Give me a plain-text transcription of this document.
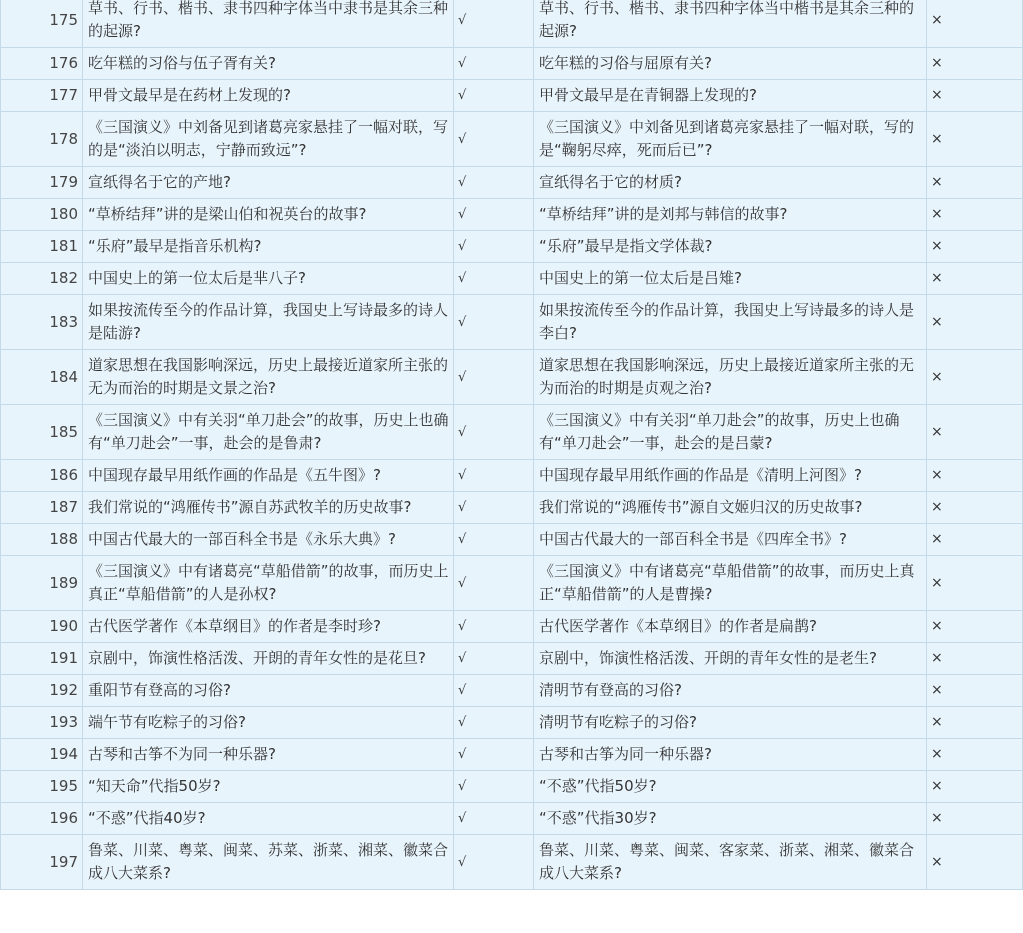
175	草书、行书、楷书、隶书四种字体当中隶书是其余三种的起源?	√	草书、行书、楷书、隶书四种字体当中楷书是其余三种的起源?	×
176	吃年糕的习俗与伍子胥有关?	√	吃年糕的习俗与屈原有关?	×
177	甲骨文最早是在药材上发现的?	√	甲骨文最早是在青铜器上发现的?	×
178	《三国演义》中刘备见到诸葛亮家悬挂了一幅对联，写的是“淡泊以明志，宁静而致远”?	√	《三国演义》中刘备见到诸葛亮家悬挂了一幅对联，写的是“鞠躬尽瘁，死而后已”?	×
179	宣纸得名于它的产地?	√	宣纸得名于它的材质?	×
180	“草桥结拜”讲的是梁山伯和祝英台的故事?	√	“草桥结拜”讲的是刘邦与韩信的故事?	×
181	“乐府”最早是指音乐机构?	√	“乐府”最早是指文学体裁?	×
182	中国史上的第一位太后是芈八子?	√	中国史上的第一位太后是吕雉?	×
183	如果按流传至今的作品计算，我国史上写诗最多的诗人是陆游?	√	如果按流传至今的作品计算，我国史上写诗最多的诗人是李白?	×
184	道家思想在我国影响深远，历史上最接近道家所主张的无为而治的时期是文景之治?	√	道家思想在我国影响深远，历史上最接近道家所主张的无为而治的时期是贞观之治?	×
185	《三国演义》中有关羽“单刀赴会”的故事，历史上也确有“单刀赴会”一事，赴会的是鲁肃?	√	《三国演义》中有关羽“单刀赴会”的故事，历史上也确有“单刀赴会”一事，赴会的是吕蒙?	×
186	中国现存最早用纸作画的作品是《五牛图》?	√	中国现存最早用纸作画的作品是《清明上河图》?	×
187	我们常说的“鸿雁传书”源自苏武牧羊的历史故事?	√	我们常说的“鸿雁传书”源自文姬归汉的历史故事?	×
188	中国古代最大的一部百科全书是《永乐大典》?	√	中国古代最大的一部百科全书是《四库全书》?	×
189	《三国演义》中有诸葛亮“草船借箭”的故事，而历史上真正“草船借箭”的人是孙权?	√	《三国演义》中有诸葛亮“草船借箭”的故事，而历史上真正“草船借箭”的人是曹操?	×
190	古代医学著作《本草纲目》的作者是李时珍?	√	古代医学著作《本草纲目》的作者是扁鹊?	×
191	京剧中，饰演性格活泼、开朗的青年女性的是花旦?	√	京剧中，饰演性格活泼、开朗的青年女性的是老生?	×
192	重阳节有登高的习俗?	√	清明节有登高的习俗?	×
193	端午节有吃粽子的习俗?	√	清明节有吃粽子的习俗?	×
194	古琴和古筝不为同一种乐器?	√	古琴和古筝为同一种乐器?	×
195	“知天命”代指50岁?	√	“不惑”代指50岁?	×
196	“不惑”代指40岁?	√	“不惑”代指30岁?	×
197	鲁菜、川菜、粤菜、闽菜、苏菜、浙菜、湘菜、徽菜合成八大菜系?	√	鲁菜、川菜、粤菜、闽菜、客家菜、浙菜、湘菜、徽菜合成八大菜系?	×
